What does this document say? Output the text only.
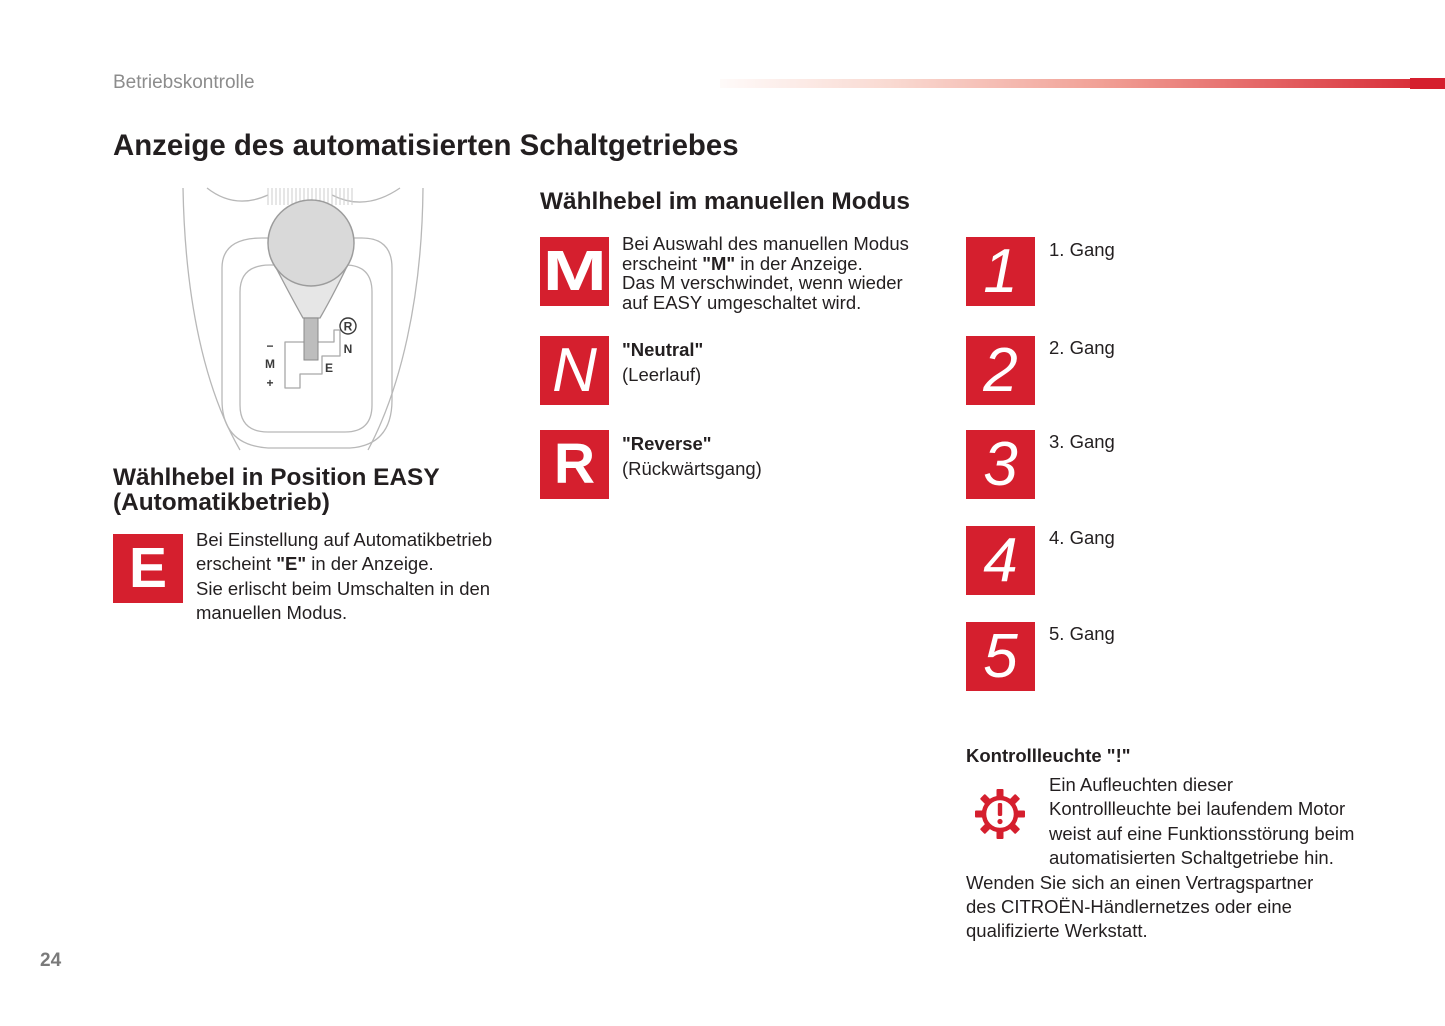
Betriebskontrolle
Anzeige des automatisierten Schaltgetriebes
R
N
E
M
−
+
Wählhebel in Position EASY
(Automatikbetrieb)
E Bei Einstellung auf Automatikbetrieb
erscheint "E" in der Anzeige.
Sie erlischt beim Umschalten in den
manuellen Modus.
Wählhebel im manuellen Modus
M Bei Auswahl des manuellen Modus
erscheint "M" in der Anzeige.
Das M verschwindet, wenn wieder
auf EASY umgeschaltet wird.
N "Neutral"
(Leerlauf)
R "Reverse"
(Rückwärtsgang)
1 1. Gang
2 2. Gang
3 3. Gang
4 4. Gang
5 5. Gang
Kontrollleuchte "!"
Ein Aufleuchten dieser
Kontrollleuchte bei laufendem Motor
weist auf eine Funktionsstörung beim
automatisierten Schaltgetriebe hin.
Wenden Sie sich an einen Vertragspartner
des CITROËN-Händlernetzes oder eine
qualifizierte Werkstatt.
24
